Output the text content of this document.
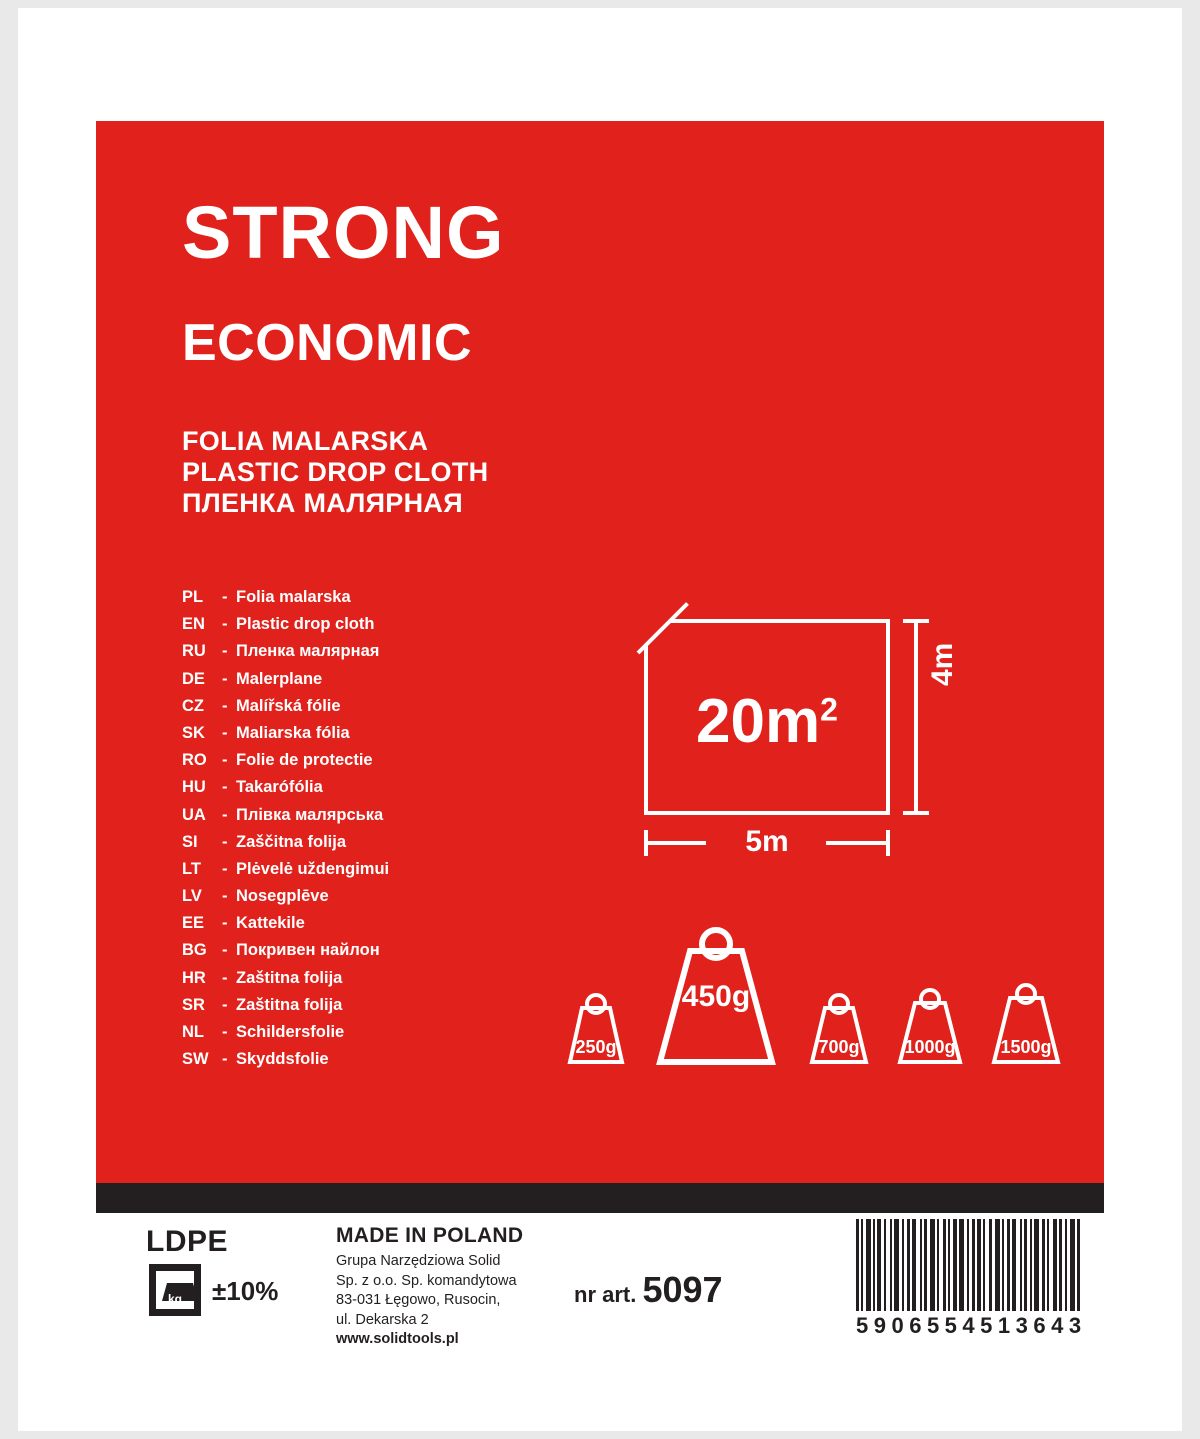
STRONG
ECONOMIC
FOLIA MALARSKA
PLASTIC DROP CLOTH
ПЛЕНКА МАЛЯРНАЯ
PL	- Folia malarska
EN	- Plastic drop cloth
RU - Пленка малярная
DE	- Malerplane
CZ	- Malířská fólie
SK	- Maliarska fólia
RO - Folie de protectie
HU - Takarófólia
UA - Плівка малярська
SI	- Zaščitna folija
LT	- Plėvelė uždengimui
LV	- Nosegplēve
EE	- Kattekile
BG - Покривен найлон
HR - Zaštitna folija
SR	- Zaštitna folija
NL	- Schildersfolie
SW - Skyddsfolie
$20m^2$
4m
5m
250g
450g
700g	1000g	1500g
LDPE
kg	±10%
MADE IN POLAND
Grupa Narzędziowa Solid
Sp. z o.o. Sp. komandytowa
83-031 Łęgowo, Rusocin,
ul. Dekarska 2
www.solidtools.pl
nr art. 5097
5906554513643
